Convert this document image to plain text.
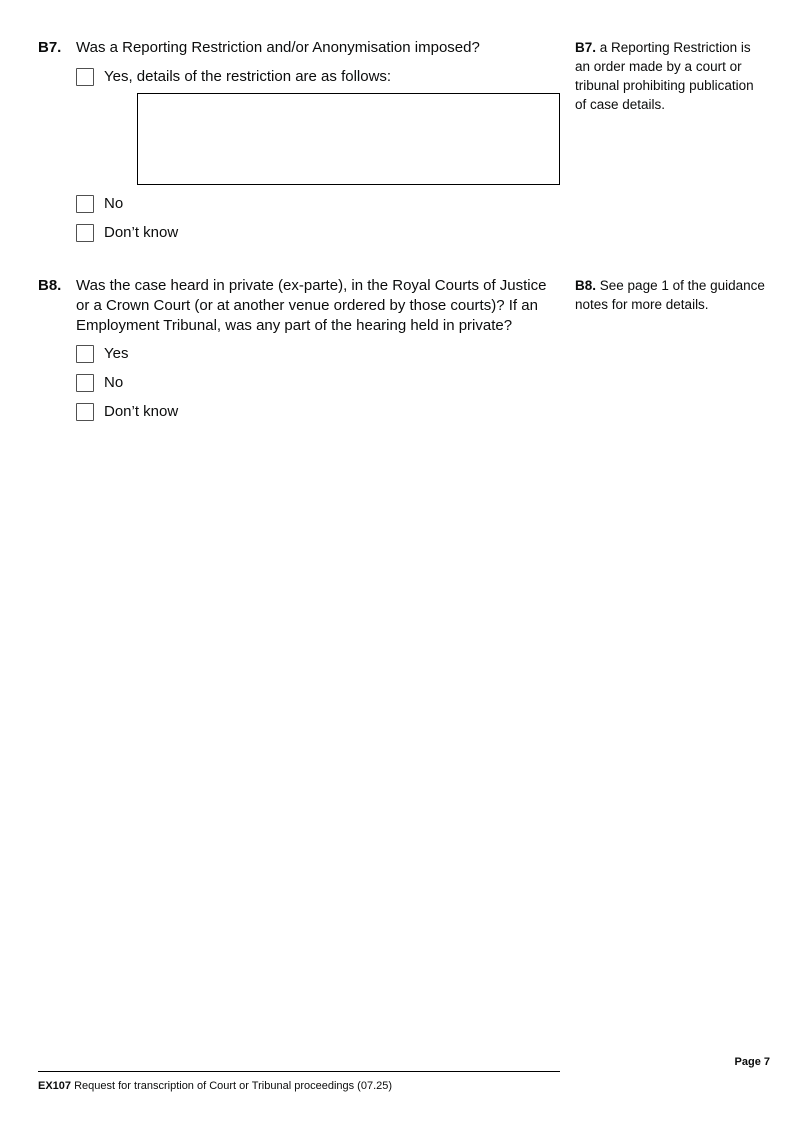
B7. Was a Reporting Restriction and/or Anonymisation imposed?
Yes, details of the restriction are as follows:
No
Don’t know
B7. a Reporting Restriction is an order made by a court or tribunal prohibiting publication of case details.
B8. Was the case heard in private (ex-parte), in the Royal Courts of Justice or a Crown Court (or at another venue ordered by those courts)? If an Employment Tribunal, was any part of the hearing held in private?
Yes
No
Don’t know
B8. See page 1 of the guidance notes for more details.
Page 7
EX107 Request for transcription of Court or Tribunal proceedings (07.25)
